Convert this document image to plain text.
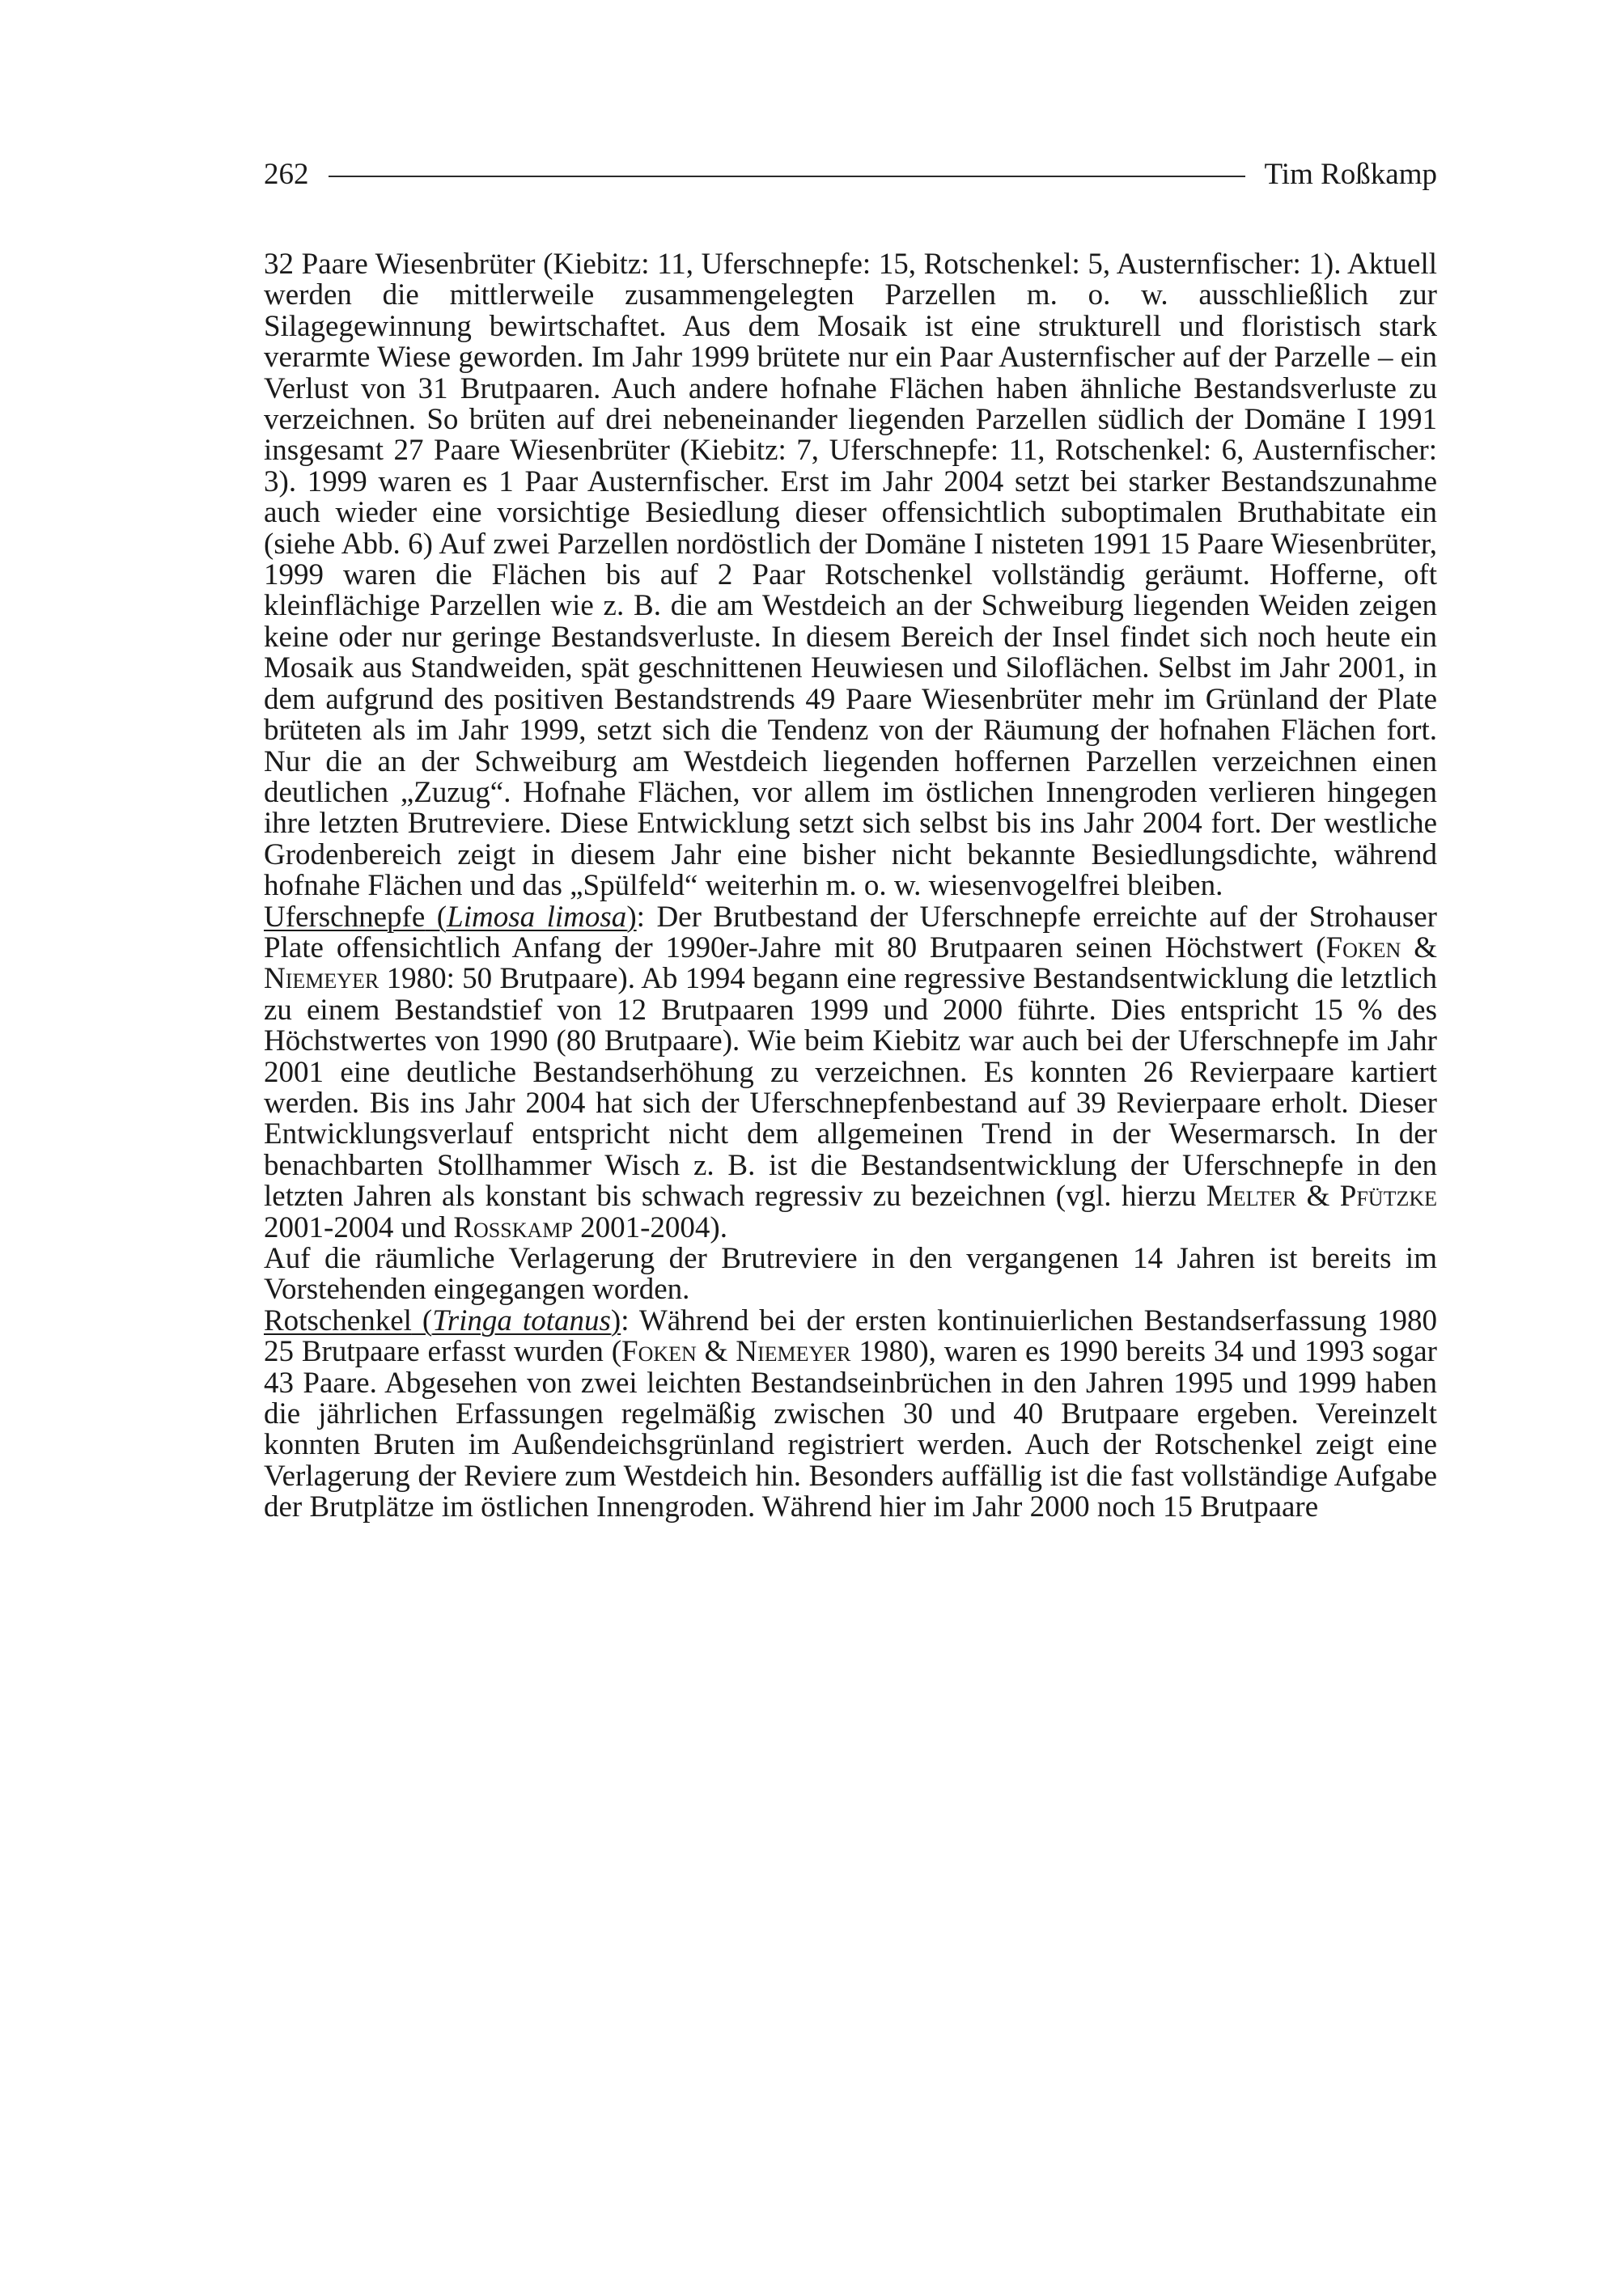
262	Tim Roßkamp

32 Paare Wiesenbrüter (Kiebitz: 11, Uferschnepfe: 15, Rotschenkel: 5, Austernfischer: 1). Aktuell werden die mittlerweile zusammengelegten Parzellen m. o. w. ausschließlich zur Silagegewinnung bewirtschaftet. Aus dem Mosaik ist eine strukturell und floristisch stark verarmte Wiese geworden. Im Jahr 1999 brütete nur ein Paar Austernfischer auf der Parzelle – ein Verlust von 31 Brutpaaren. Auch andere hofnahe Flächen haben ähnliche Bestandsverluste zu verzeichnen. So brüten auf drei nebeneinander liegenden Parzellen südlich der Domäne I 1991 insgesamt 27 Paare Wiesenbrüter (Kiebitz: 7, Uferschnepfe: 11, Rotschenkel: 6, Austernfischer: 3). 1999 waren es 1 Paar Austernfischer. Erst im Jahr 2004 setzt bei starker Bestandszunahme auch wieder eine vorsichtige Besiedlung dieser offensichtlich suboptimalen Bruthabitate ein (siehe Abb. 6) Auf zwei Parzellen nordöstlich der Domäne I nisteten 1991 15 Paare Wiesenbrüter, 1999 waren die Flächen bis auf 2 Paar Rotschenkel vollständig geräumt. Hofferne, oft kleinflächige Parzellen wie z. B. die am Westdeich an der Schweiburg liegenden Weiden zeigen keine oder nur geringe Bestandsverluste. In diesem Bereich der Insel findet sich noch heute ein Mosaik aus Standweiden, spät geschnittenen Heuwiesen und Siloflächen. Selbst im Jahr 2001, in dem aufgrund des positiven Bestandstrends 49 Paare Wiesenbrüter mehr im Grünland der Plate brüteten als im Jahr 1999, setzt sich die Tendenz von der Räumung der hofnahen Flächen fort. Nur die an der Schweiburg am Westdeich liegenden hoffernen Parzellen verzeichnen einen deutlichen „Zuzug“. Hofnahe Flächen, vor allem im östlichen Innengroden verlieren hingegen ihre letzten Brutreviere. Diese Entwicklung setzt sich selbst bis ins Jahr 2004 fort. Der westliche Grodenbereich zeigt in diesem Jahr eine bisher nicht bekannte Besiedlungsdichte, während hofnahe Flächen und das „Spülfeld“ weiterhin m. o. w. wiesenvogelfrei bleiben.

Uferschnepfe (Limosa limosa): Der Brutbestand der Uferschnepfe erreichte auf der Strohauser Plate offensichtlich Anfang der 1990er-Jahre mit 80 Brutpaaren seinen Höchstwert (Foken & Niemeyer 1980: 50 Brutpaare). Ab 1994 begann eine regressive Bestandsentwicklung die letztlich zu einem Bestandstief von 12 Brutpaaren 1999 und 2000 führte. Dies entspricht 15 % des Höchstwertes von 1990 (80 Brutpaare). Wie beim Kiebitz war auch bei der Uferschnepfe im Jahr 2001 eine deutliche Bestandserhöhung zu verzeichnen. Es konnten 26 Revierpaare kartiert werden. Bis ins Jahr 2004 hat sich der Uferschnepfenbestand auf 39 Revierpaare erholt. Dieser Entwicklungsverlauf entspricht nicht dem allgemeinen Trend in der Wesermarsch. In der benachbarten Stollhammer Wisch z. B. ist die Bestandsentwicklung der Uferschnepfe in den letzten Jahren als konstant bis schwach regressiv zu bezeichnen (vgl. hierzu Melter & Pfützke 2001-2004 und Rosskamp 2001-2004).

Auf die räumliche Verlagerung der Brutreviere in den vergangenen 14 Jahren ist bereits im Vorstehenden eingegangen worden.

Rotschenkel (Tringa totanus): Während bei der ersten kontinuierlichen Bestandserfassung 1980 25 Brutpaare erfasst wurden (Foken & Niemeyer 1980), waren es 1990 bereits 34 und 1993 sogar 43 Paare. Abgesehen von zwei leichten Bestandseinbrüchen in den Jahren 1995 und 1999 haben die jährlichen Erfassungen regelmäßig zwischen 30 und 40 Brutpaare ergeben. Vereinzelt konnten Bruten im Außendeichsgrünland registriert werden. Auch der Rotschenkel zeigt eine Verlagerung der Reviere zum Westdeich hin. Besonders auffällig ist die fast vollständige Aufgabe der Brutplätze im östlichen Innengroden. Während hier im Jahr 2000 noch 15 Brutpaare
